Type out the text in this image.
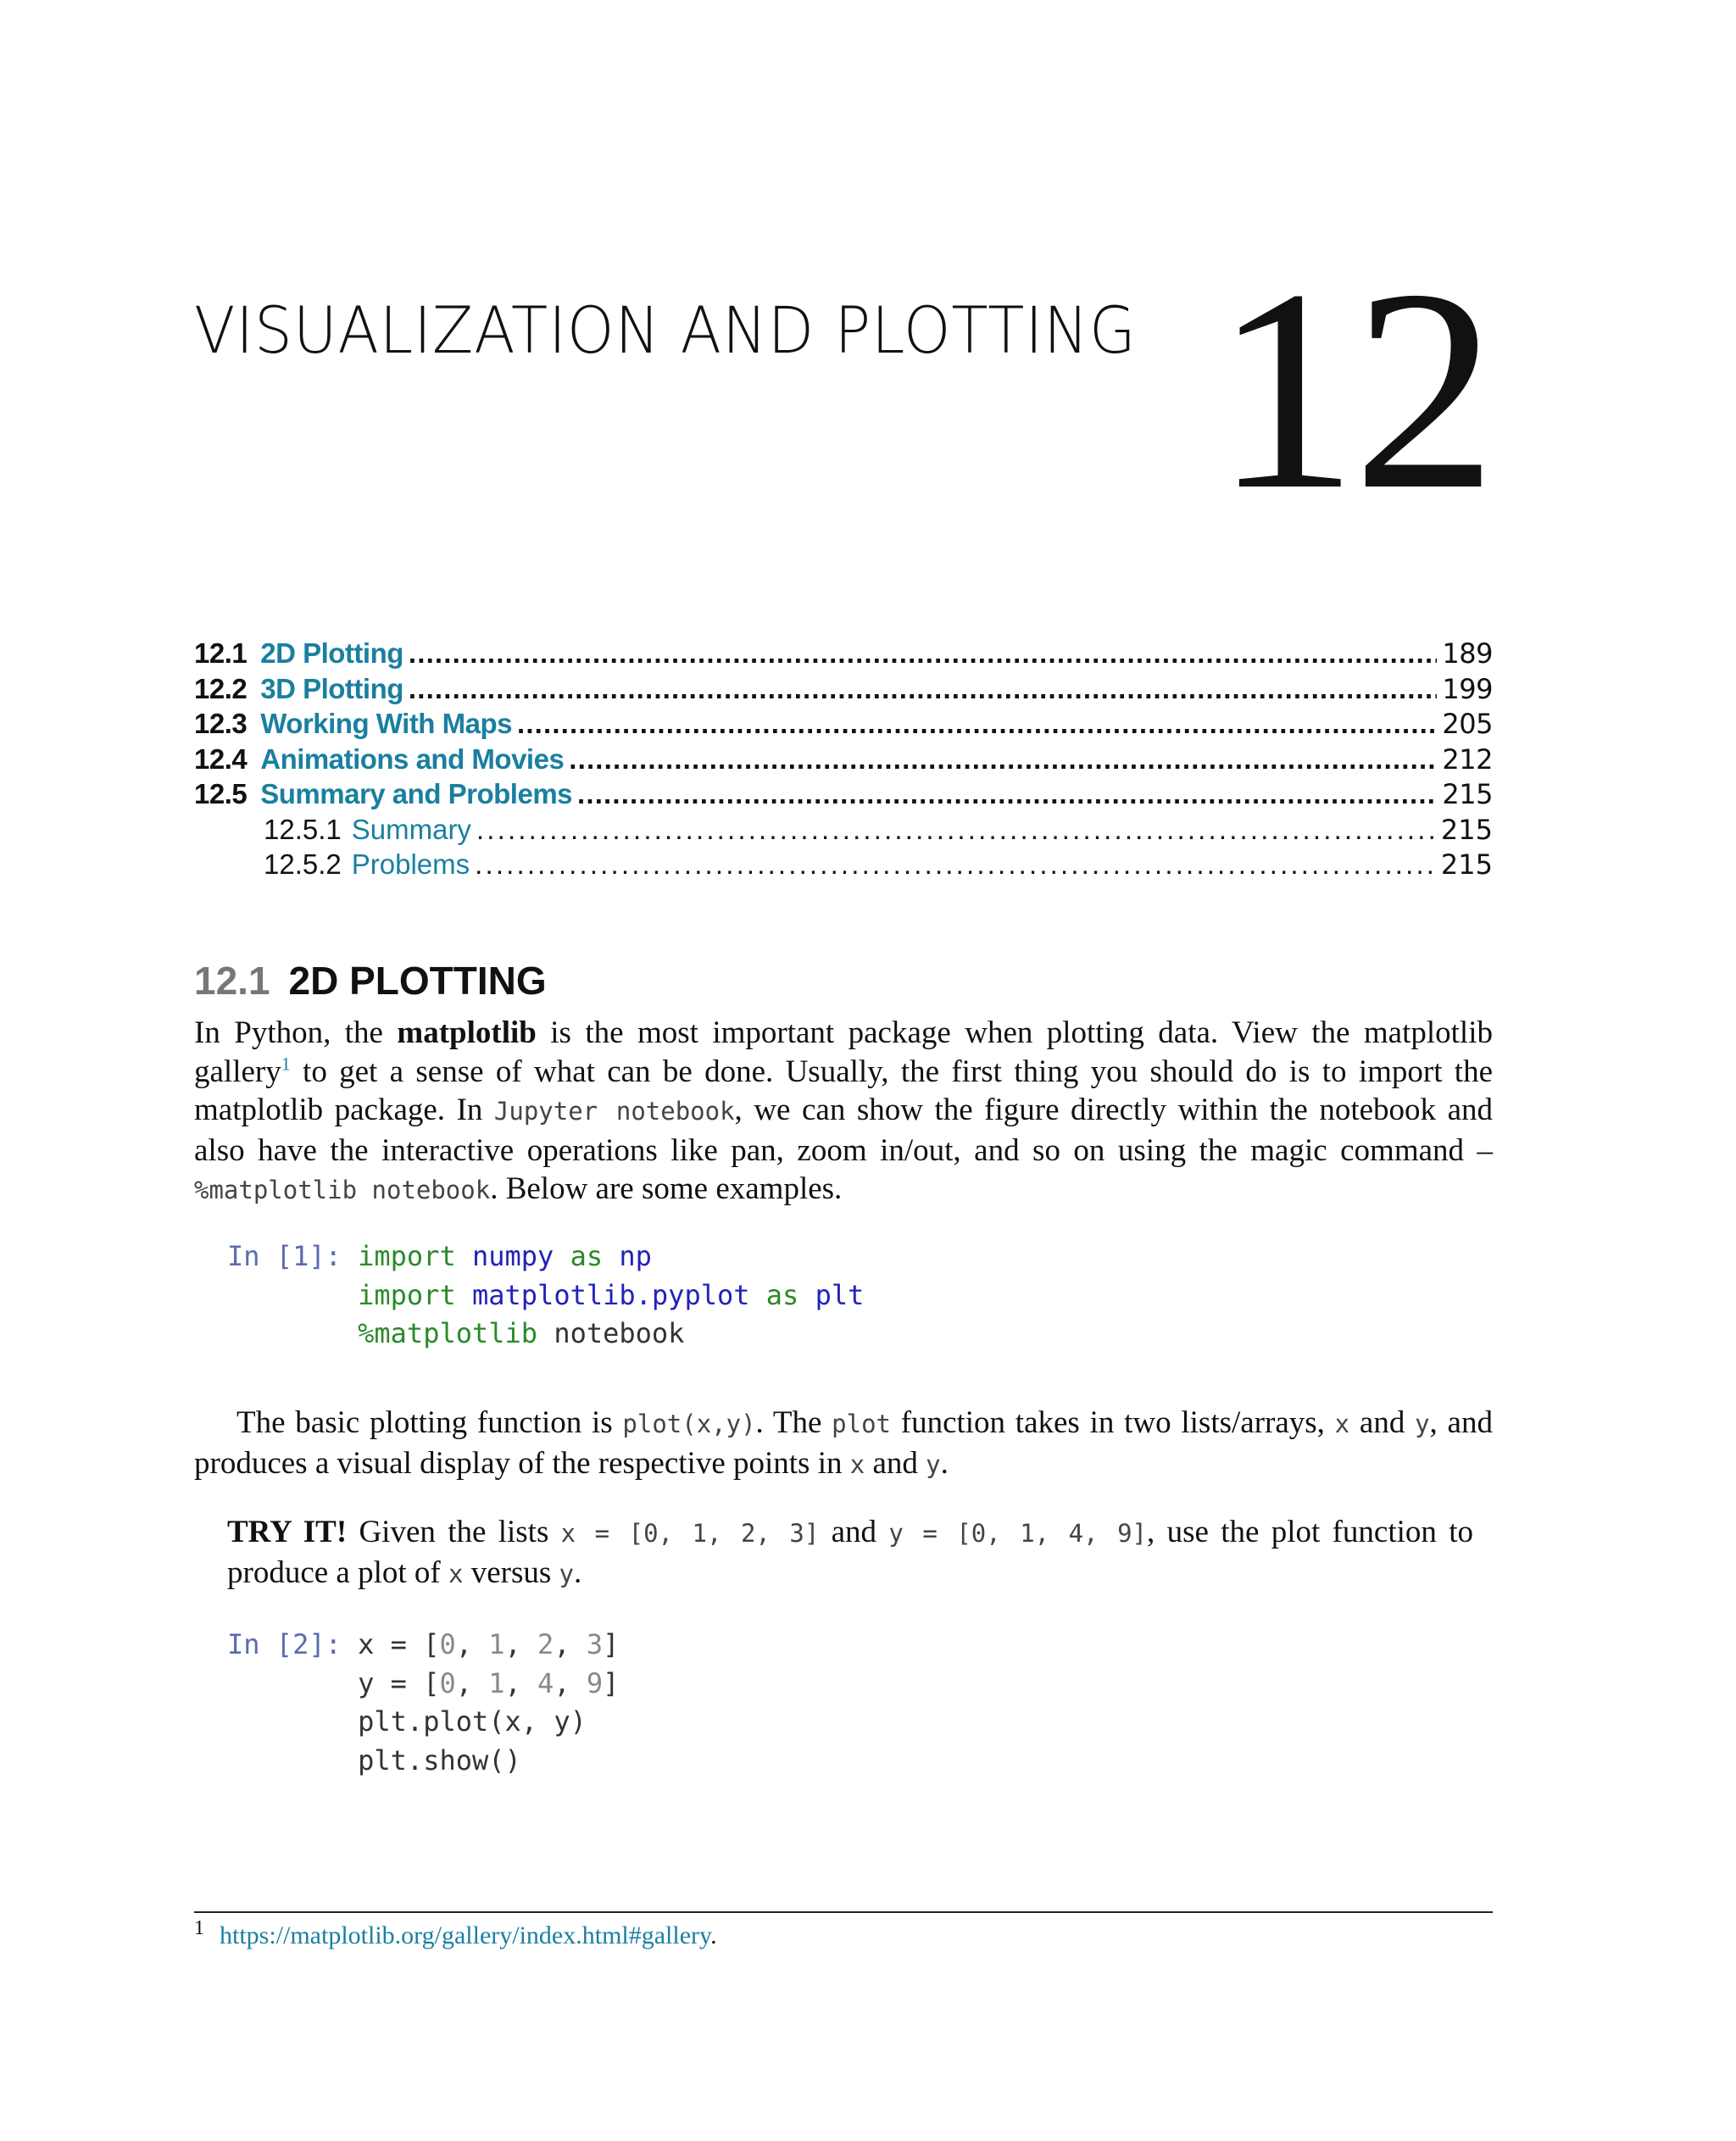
VISUALIZATION AND PLOTTING 12
12.1 2D Plotting . . .	189
12.2 3D Plotting . . .	199
12.3 Working With Maps . . .	205
12.4 Animations and Movies . . .	212
12.5 Summary and Problems . . .	215
12.5.1 Summary . . .	215
12.5.2 Problems . . .	215
12.1 2D PLOTTING
In Python, the matplotlib is the most important package when plotting data. View the matplotlib gallery$^1$ to get a sense of what can be done. Usually, the first thing you should do is to import the matplotlib package. In Jupyter notebook, we can show the figure directly within the notebook and also have the interactive operations like pan, zoom in/out, and so on using the magic command – %matplotlib notebook. Below are some examples.
In [1]: import numpy as np
import matplotlib.pyplot as plt
%matplotlib notebook
The basic plotting function is plot(x,y). The plot function takes in two lists/arrays, x and y, and produces a visual display of the respective points in x and y.
TRY IT! Given the lists x = [0, 1, 2, 3] and y = [0, 1, 4, 9], use the plot function to produce a plot of x versus y.
In [2]: x = [0, 1, 2, 3]
y = [0, 1, 4, 9]
plt.plot(x, y)
plt.show()
$^1$ https://matplotlib.org/gallery/index.html#gallery.
